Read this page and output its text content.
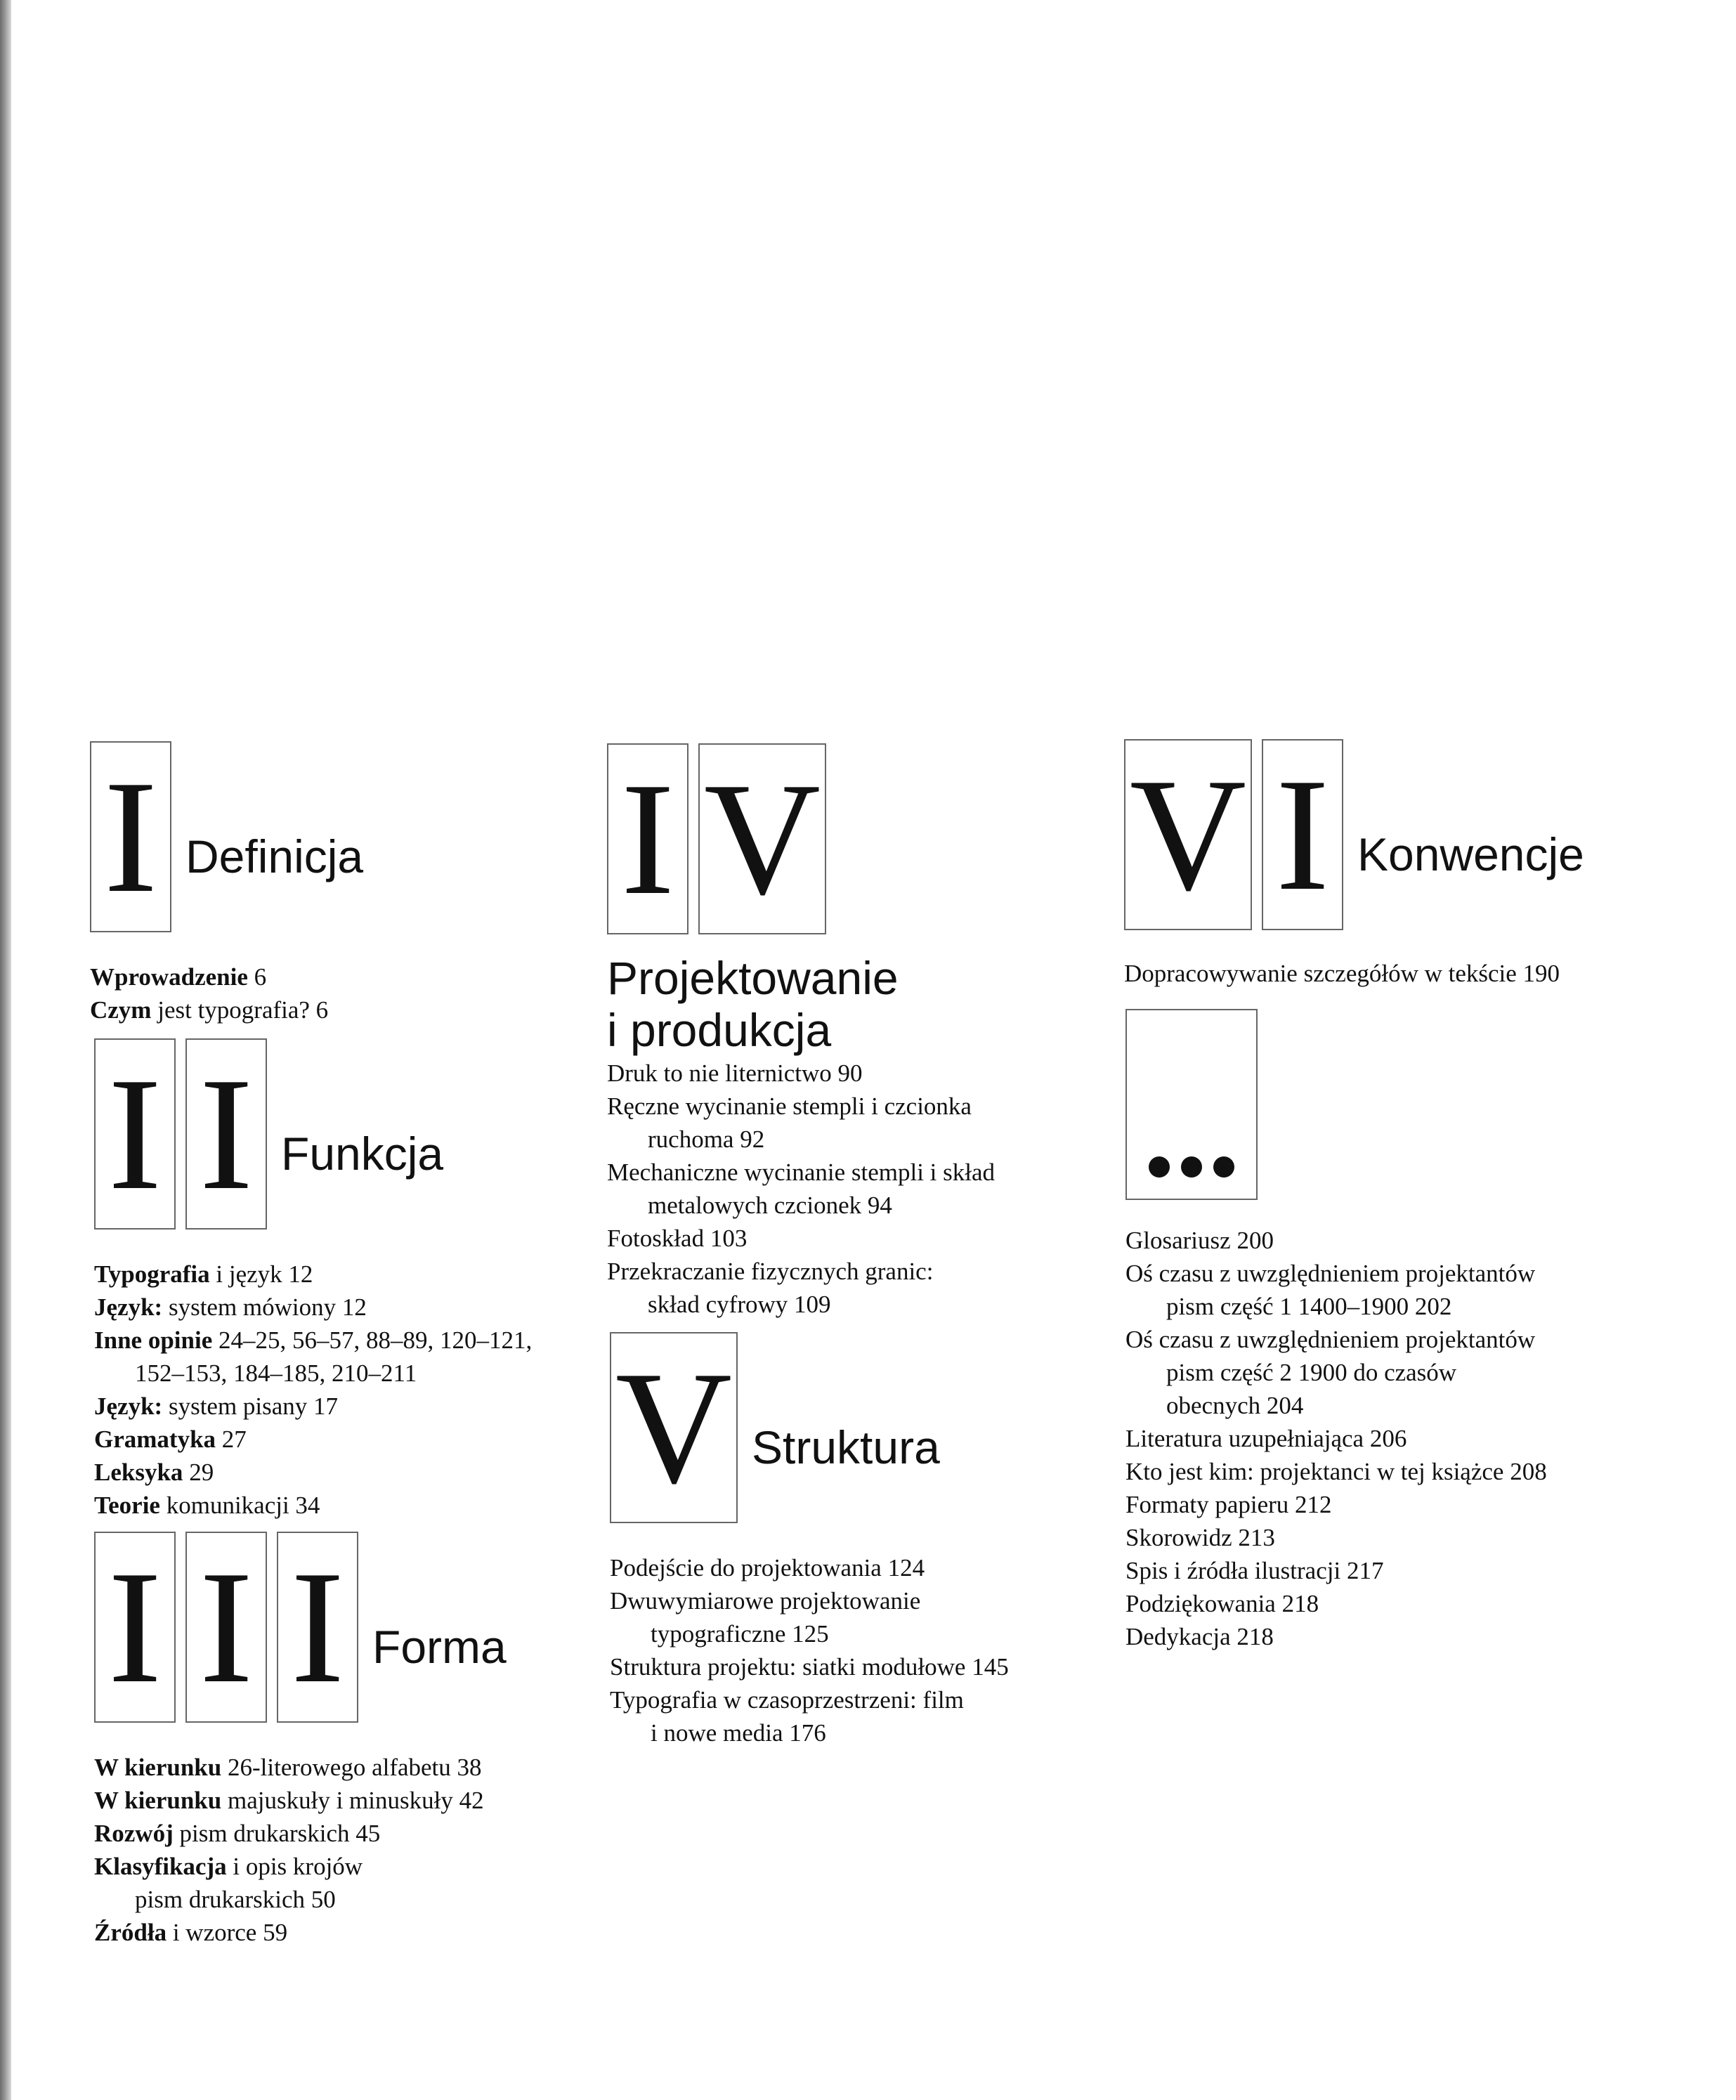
I Definicja
Wprowadzenie 6
Czym jest typografia? 6
I I Funkcja
Typografia i język 12
Język: system mówiony 12
Inne opinie 24–25, 56–57, 88–89, 120–121,
152–153, 184–185, 210–211
Język: system pisany 17
Gramatyka 27
Leksyka 29
Teorie komunikacji 34
I I I Forma
W kierunku 26-literowego alfabetu 38
W kierunku majuskuły i minuskuły 42
Rozwój pism drukarskich 45
Klasyfikacja i opis krojów
pism drukarskich 50
Źródła i wzorce 59
I V
Projektowanie
i produkcja
Druk to nie liternictwo 90
Ręczne wycinanie stempli i czcionka
ruchoma 92
Mechaniczne wycinanie stempli i skład
metalowych czcionek 94
Fotoskład 103
Przekraczanie fizycznych granic:
skład cyfrowy 109
V Struktura
Podejście do projektowania 124
Dwuwymiarowe projektowanie
typograficzne 125
Struktura projektu: siatki modułowe 145
Typografia w czasoprzestrzeni: film
i nowe media 176
V I Konwencje
Dopracowywanie szczegółów w tekście 190
Glosariusz 200
Oś czasu z uwzględnieniem projektantów
pism część 1 1400–1900 202
Oś czasu z uwzględnieniem projektantów
pism część 2 1900 do czasów
obecnych 204
Literatura uzupełniająca 206
Kto jest kim: projektanci w tej książce 208
Formaty papieru 212
Skorowidz 213
Spis i źródła ilustracji 217
Podziękowania 218
Dedykacja 218
